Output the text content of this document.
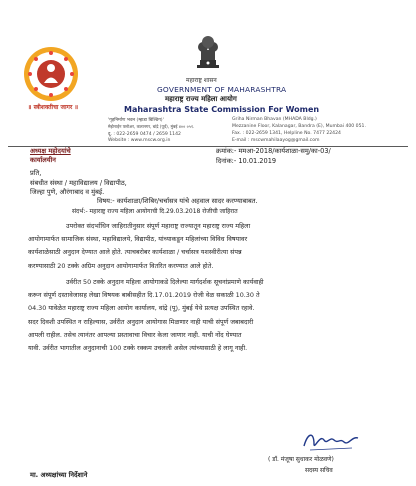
॥ स्त्रीशक्तीचा जागर ॥
महाराष्ट्र शासन
GOVERNMENT OF MAHARASHTRA
महाराष्ट्र राज्य महिला आयोग
Maharashtra State Commission For Women
'गृहनिर्माण भवन (म्हाडा बिल्डिंग)'
मेझेनाईन फ्लोअर, कलानगर, बांद्रे (पूर्व), मुंबई ४०० ०५१.
दू. : 022-2659 0474 / 2659 1142
Website : www.mscw.org.in
Griha Nirman Bhavan (MHADA Bldg.)
Mezzanine Floor, Kalanagar, Bandra (E), Mumbai 400 051.
Fax. : 022-2659 1341, Helpline No. 7477 22424
E-mail : mscwmahilaayog@gmail.com
अध्यक्ष महोदयांचे
कार्यालयीन
क्रमांक:- ममआ-2018/कार्यशाळा-समु/का-03/
दिनांक:- 10.01.2019
प्रति,
संबधीत संस्था / महाविद्यालय / विद्यापीठ,
जिल्हा पुणे, औरंगाबाद व मुंबई.
विषय:- कार्यशाळा/शिबिर/चर्चासत्र यांचे अहवाल सादर करण्याबाबत.
संदर्भ:- महाराष्ट्र राज्य महिला आयोगाची दि.29.03.2018 रोजीची जाहिरात
उपरोक्त संदर्भाधिन जाहिरातीनुसार संपूर्ण महाराष्ट्र राज्यातून महाराष्ट्र राज्य महिला
आयोगामार्फत सामाजिक संस्था, महाविद्यालये, विद्यापीठ, यांच्याकडून महिलांच्या विविध विषयावर
कार्यशाळेसाठी अनुदान देण्यात आले होते. त्याचबरोबर कार्यशाळा / चर्चासत्र यशस्वीरीत्या संपन्न
करण्यासाठी 20 टक्के अग्रिम अनुदान आयोगामार्फत वितरित करण्यात आले होते.
उर्वरीत 50 टक्के अनुदान महिला आयोगाकडे दिलेल्या मार्गदर्शक सूचनांप्रमाणे कार्यवाही
करून संपूर्ण दस्तावेजासह लेखा विषयक बाबीसहीत दि.17.01.2019 रोजी वेळ सकाळी 10.30 ते
04.30 यावेळेत महाराष्ट्र राज्य महिला आयोग कार्यालय, वांद्रे (पू), मुंबई येथे प्रत्यक्ष उपस्थित रहावे.
सदर दिवशी उपस्थित न राहिल्यास, उर्वरीत अनुदान आयोगास मिळणार नाही याची संपूर्ण जबाबदारी
आपली राहील. तसेच त्यानंतर आपल्या प्रस्तावाचा विचार केला जाणार नाही. याची नोंद घेण्यात
यावी. उर्वरीत भागातील अनुदानाची 100 टक्के रक्कम उचलली असेल त्यांच्यासाठी हे लागू नाही.
( डॉ. मंजूषा सुधाकर मोळवणे)
सदस्य सचिव
मा. अध्यक्षांच्या निर्देशाने
